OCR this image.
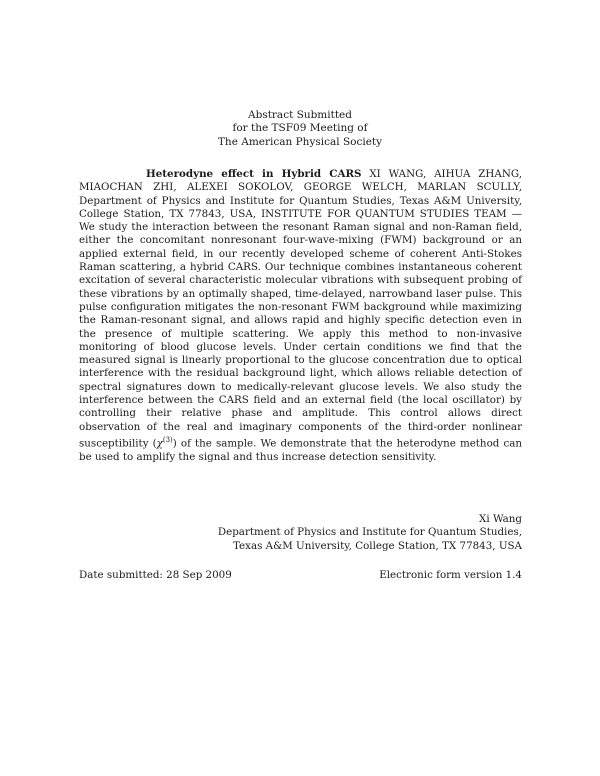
Abstract Submitted
for the TSF09 Meeting of
The American Physical Society
Heterodyne effect in Hybrid CARS XI WANG, AIHUA ZHANG, MIAOCHAN ZHI, ALEXEI SOKOLOV, GEORGE WELCH, MARLAN SCULLY, Department of Physics and Institute for Quantum Studies, Texas A&M University, College Station, TX 77843, USA, INSTITUTE FOR QUANTUM STUDIES TEAM — We study the interaction between the resonant Raman signal and non-Raman field, either the concomitant nonresonant four-wave-mixing (FWM) background or an applied external field, in our recently developed scheme of coherent Anti-Stokes Raman scattering, a hybrid CARS. Our technique combines instantaneous coherent excitation of several characteristic molecular vibrations with subsequent probing of these vibrations by an optimally shaped, time-delayed, narrowband laser pulse. This pulse configuration mitigates the non-resonant FWM background while maximizing the Raman-resonant signal, and allows rapid and highly specific detection even in the presence of multiple scattering. We apply this method to non-invasive monitoring of blood glucose levels. Under certain conditions we find that the measured signal is linearly proportional to the glucose concentration due to optical interference with the residual background light, which allows reliable detection of spectral signatures down to medically-relevant glucose levels. We also study the interference between the CARS field and an external field (the local oscillator) by controlling their relative phase and amplitude. This control allows direct observation of the real and imaginary components of the third-order nonlinear susceptibility $(\chi^{(3)})$ of the sample. We demonstrate that the heterodyne method can be used to amplify the signal and thus increase detection sensitivity.
Xi Wang
Department of Physics and Institute for Quantum Studies,
Texas A&M University, College Station, TX 77843, USA
Date submitted: 28 Sep 2009	Electronic form version 1.4
